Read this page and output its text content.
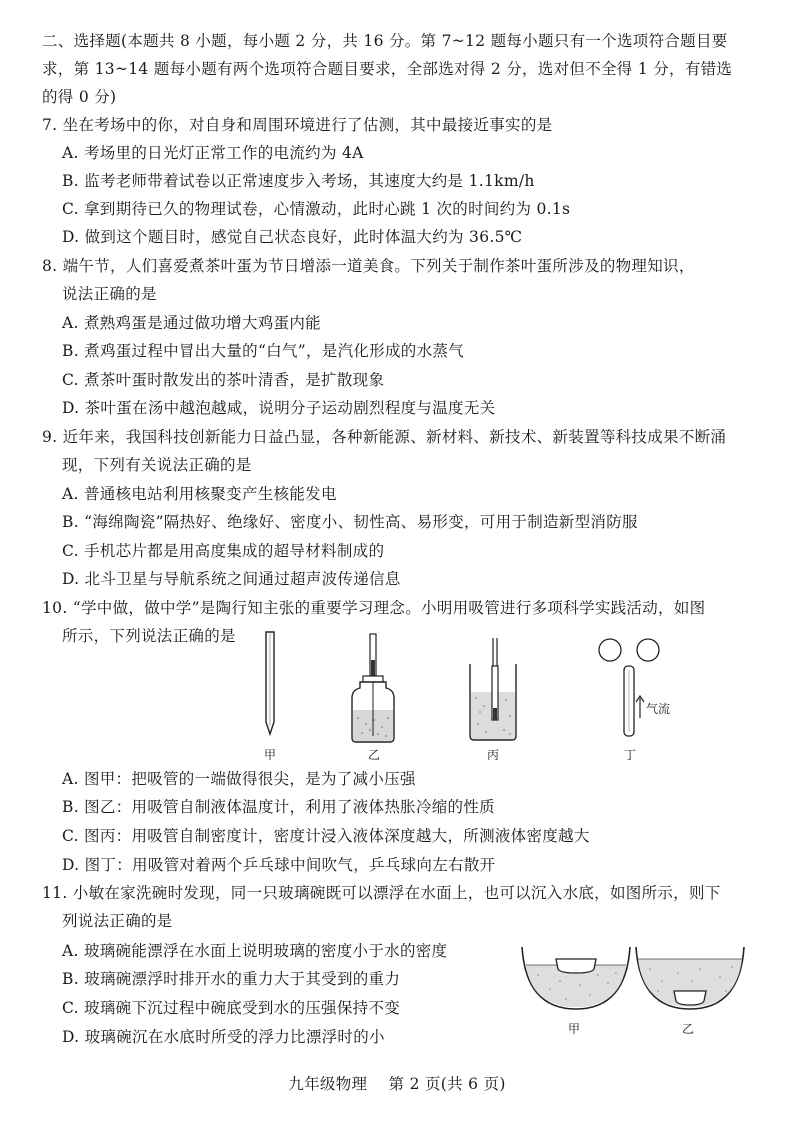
二、选择题(本题共 8 小题，每小题 2 分，共 16 分。第 7~12 题每小题只有一个选项符合题目要
求，第 13~14 题每小题有两个选项符合题目要求，全部选对得 2 分，选对但不全得 1 分，有错选
的得 0 分)
7. 坐在考场中的你，对自身和周围环境进行了估测，其中最接近事实的是
A. 考场里的日光灯正常工作的电流约为 4A
B. 监考老师带着试卷以正常速度步入考场，其速度大约是 1.1km/h
C. 拿到期待已久的物理试卷，心情激动，此时心跳 1 次的时间约为 0.1s
D. 做到这个题目时，感觉自己状态良好，此时体温大约为 36.5℃
8. 端午节，人们喜爱煮茶叶蛋为节日增添一道美食。下列关于制作茶叶蛋所涉及的物理知识，
说法正确的是
A. 煮熟鸡蛋是通过做功增大鸡蛋内能
B. 煮鸡蛋过程中冒出大量的“白气”，是汽化形成的水蒸气
C. 煮茶叶蛋时散发出的茶叶清香，是扩散现象
D. 茶叶蛋在汤中越泡越咸，说明分子运动剧烈程度与温度无关
9. 近年来，我国科技创新能力日益凸显，各种新能源、新材料、新技术、新装置等科技成果不断涌
现，下列有关说法正确的是
A. 普通核电站利用核聚变产生核能发电
B. “海绵陶瓷”隔热好、绝缘好、密度小、韧性高、易形变，可用于制造新型消防服
C. 手机芯片都是用高度集成的超导材料制成的
D. 北斗卫星与导航系统之间通过超声波传递信息
10. “学中做，做中学”是陶行知主张的重要学习理念。小明用吸管进行多项科学实践活动，如图
所示，下列说法正确的是
甲	乙	丙
气流
丁
A. 图甲：把吸管的一端做得很尖，是为了减小压强
B. 图乙：用吸管自制液体温度计，利用了液体热胀冷缩的性质
C. 图丙：用吸管自制密度计，密度计浸入液体深度越大，所测液体密度越大
D. 图丁：用吸管对着两个乒乓球中间吹气，乒乓球向左右散开
11. 小敏在家洗碗时发现，同一只玻璃碗既可以漂浮在水面上，也可以沉入水底，如图所示，则下
列说法正确的是
A. 玻璃碗能漂浮在水面上说明玻璃的密度小于水的密度
B. 玻璃碗漂浮时排开水的重力大于其受到的重力
C. 玻璃碗下沉过程中碗底受到水的压强保持不变
D. 玻璃碗沉在水底时所受的浮力比漂浮时的小	甲	乙
九年级物理 第 2 页(共 6 页)
